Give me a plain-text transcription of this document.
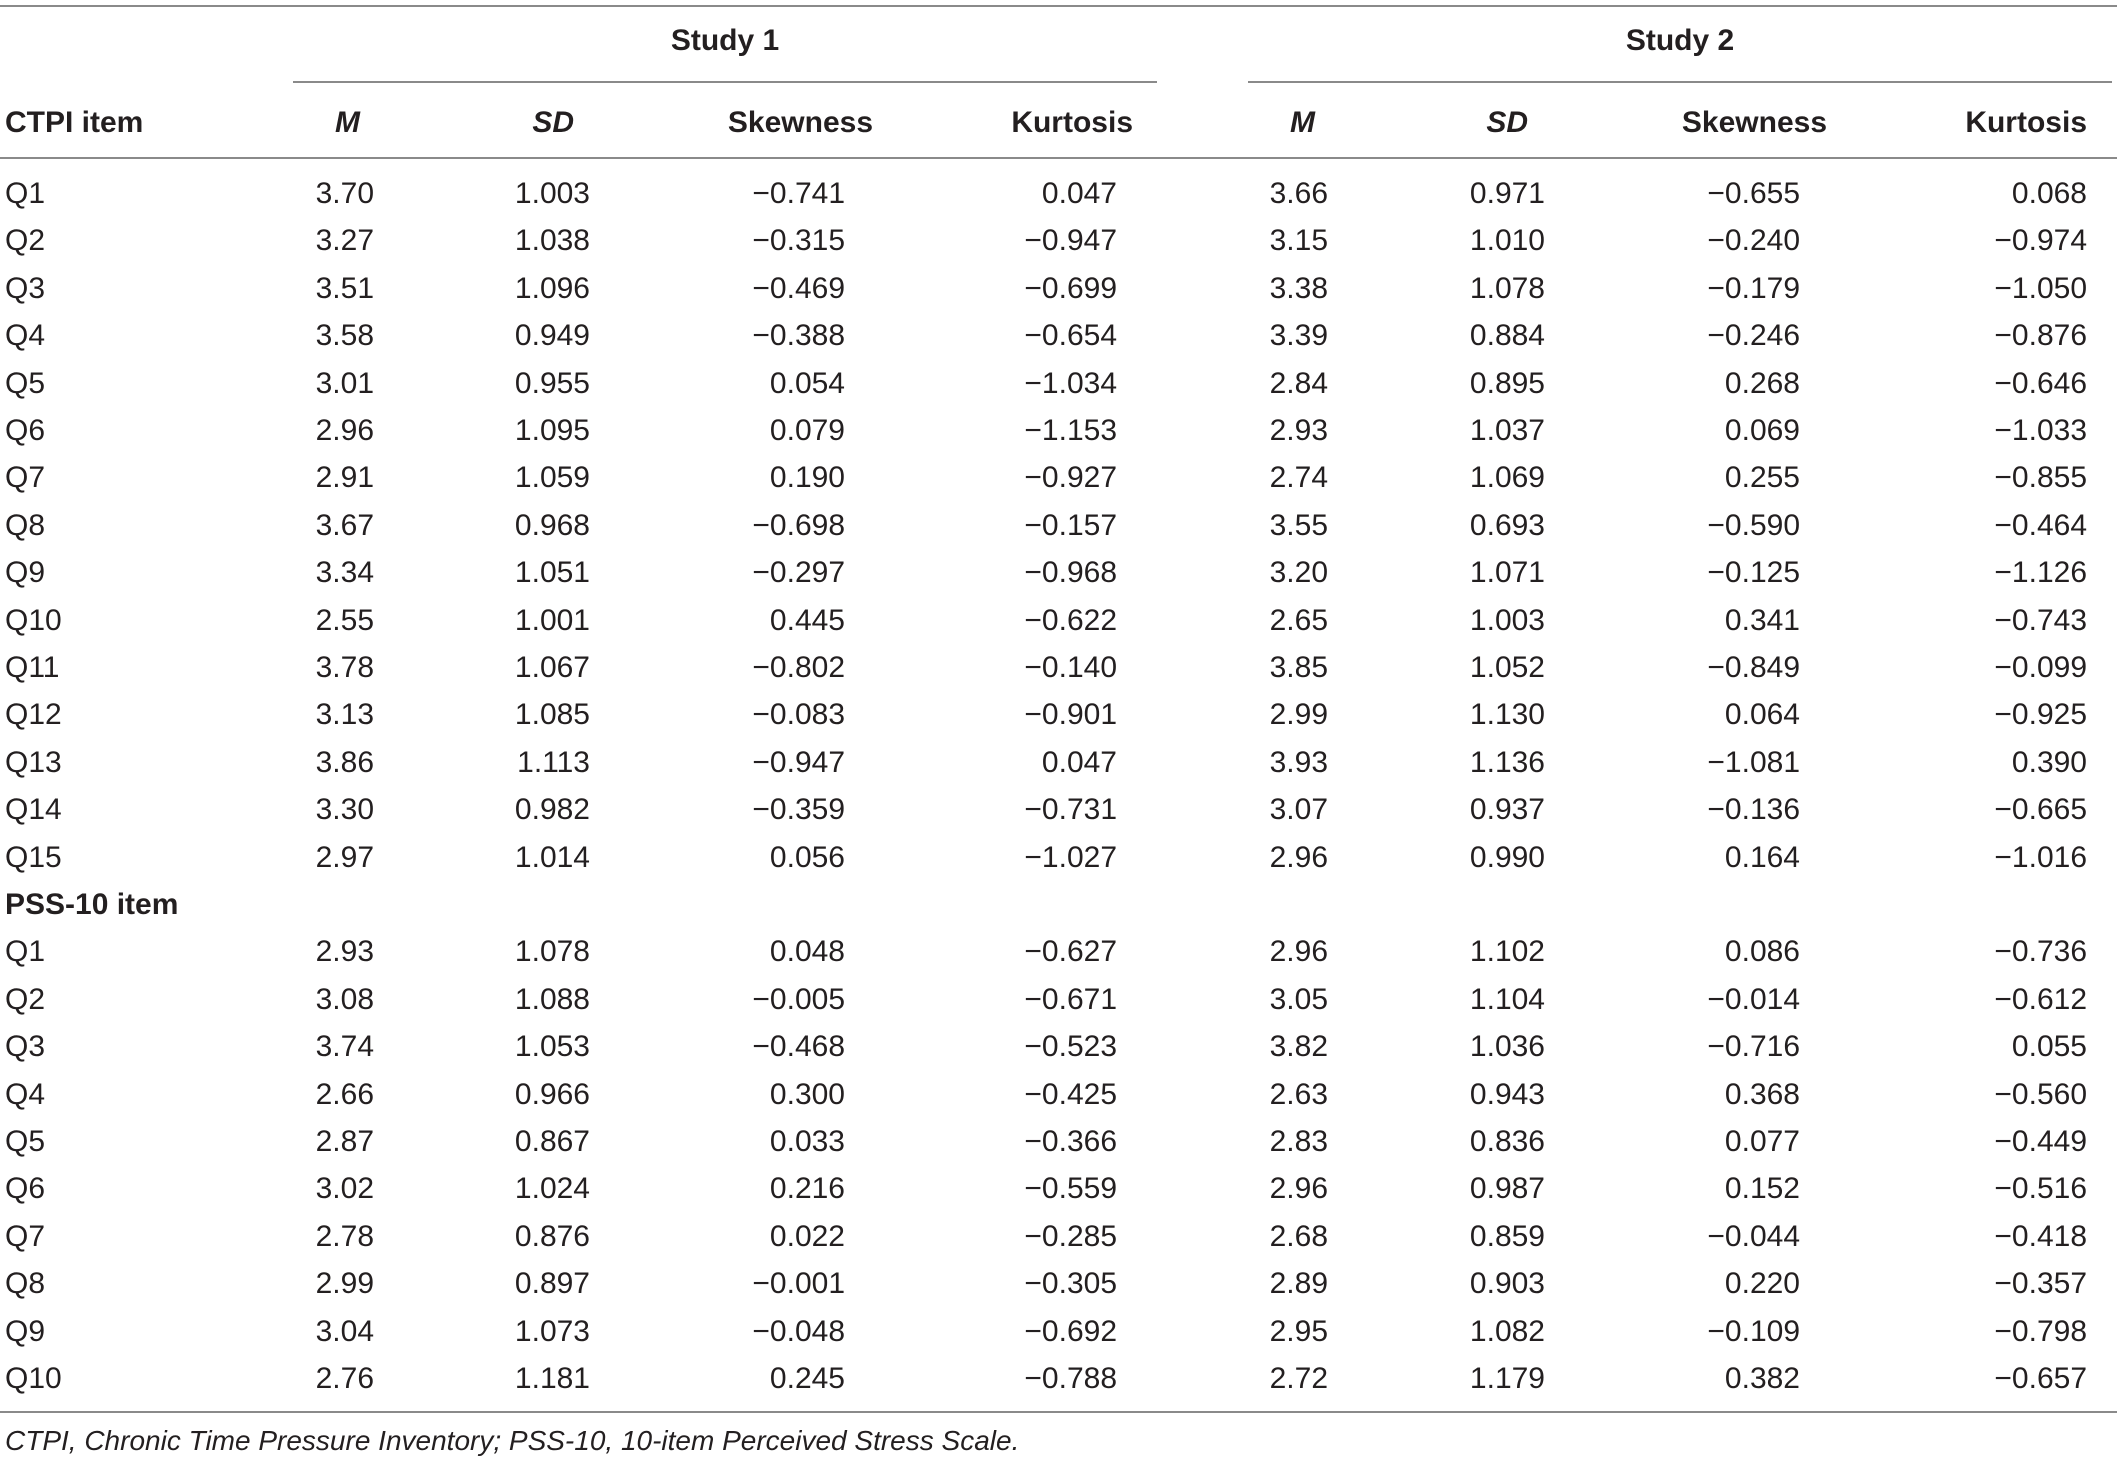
Study 1	Study 2
CTPI item	M	SD	Skewness	Kurtosis	M	SD	Skewness	Kurtosis
Q1	3.70	1.003	−0.741	0.047	3.66	0.971	−0.655	0.068
Q2	3.27	1.038	−0.315	−0.947	3.15	1.010	−0.240	−0.974
Q3	3.51	1.096	−0.469	−0.699	3.38	1.078	−0.179	−1.050
Q4	3.58	0.949	−0.388	−0.654	3.39	0.884	−0.246	−0.876
Q5	3.01	0.955	0.054	−1.034	2.84	0.895	0.268	−0.646
Q6	2.96	1.095	0.079	−1.153	2.93	1.037	0.069	−1.033
Q7	2.91	1.059	0.190	−0.927	2.74	1.069	0.255	−0.855
Q8	3.67	0.968	−0.698	−0.157	3.55	0.693	−0.590	−0.464
Q9	3.34	1.051	−0.297	−0.968	3.20	1.071	−0.125	−1.126
Q10	2.55	1.001	0.445	−0.622	2.65	1.003	0.341	−0.743
Q11	3.78	1.067	−0.802	−0.140	3.85	1.052	−0.849	−0.099
Q12	3.13	1.085	−0.083	−0.901	2.99	1.130	0.064	−0.925
Q13	3.86	1.113	−0.947	0.047	3.93	1.136	−1.081	0.390
Q14	3.30	0.982	−0.359	−0.731	3.07	0.937	−0.136	−0.665
Q15	2.97	1.014	0.056	−1.027	2.96	0.990	0.164	−1.016
PSS-10 item
Q1	2.93	1.078	0.048	−0.627	2.96	1.102	0.086	−0.736
Q2	3.08	1.088	−0.005	−0.671	3.05	1.104	−0.014	−0.612
Q3	3.74	1.053	−0.468	−0.523	3.82	1.036	−0.716	0.055
Q4	2.66	0.966	0.300	−0.425	2.63	0.943	0.368	−0.560
Q5	2.87	0.867	0.033	−0.366	2.83	0.836	0.077	−0.449
Q6	3.02	1.024	0.216	−0.559	2.96	0.987	0.152	−0.516
Q7	2.78	0.876	0.022	−0.285	2.68	0.859	−0.044	−0.418
Q8	2.99	0.897	−0.001	−0.305	2.89	0.903	0.220	−0.357
Q9	3.04	1.073	−0.048	−0.692	2.95	1.082	−0.109	−0.798
Q10	2.76	1.181	0.245	−0.788	2.72	1.179	0.382	−0.657
CTPI, Chronic Time Pressure Inventory; PSS-10, 10-item Perceived Stress Scale.
